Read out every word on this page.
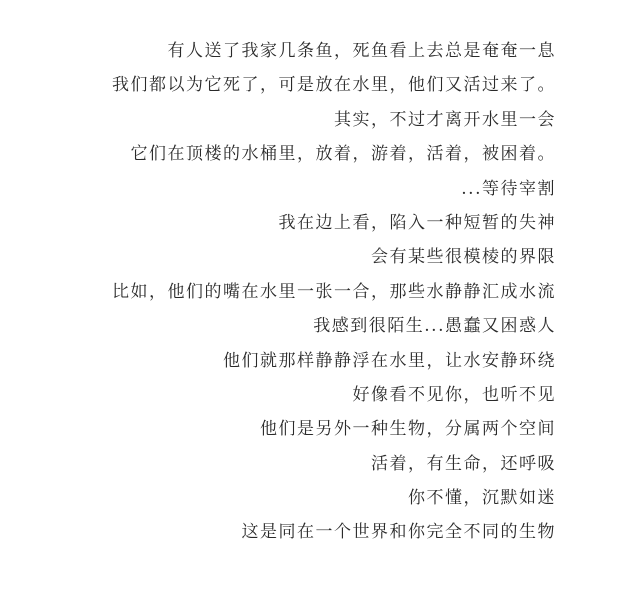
有人送了我家几条鱼，死鱼看上去总是奄奄一息
我们都以为它死了，可是放在水里，他们又活过来了。
其实，不过才离开水里一会
它们在顶楼的水桶里，放着，游着，活着，被困着。
...等待宰割
我在边上看，陷入一种短暂的失神
会有某些很模棱的界限
比如，他们的嘴在水里一张一合，那些水静静汇成水流
我感到很陌生...愚蠢又困惑人
他们就那样静静浮在水里，让水安静环绕
好像看不见你，也听不见
他们是另外一种生物，分属两个空间
活着，有生命，还呼吸
你不懂，沉默如迷
这是同在一个世界和你完全不同的生物
